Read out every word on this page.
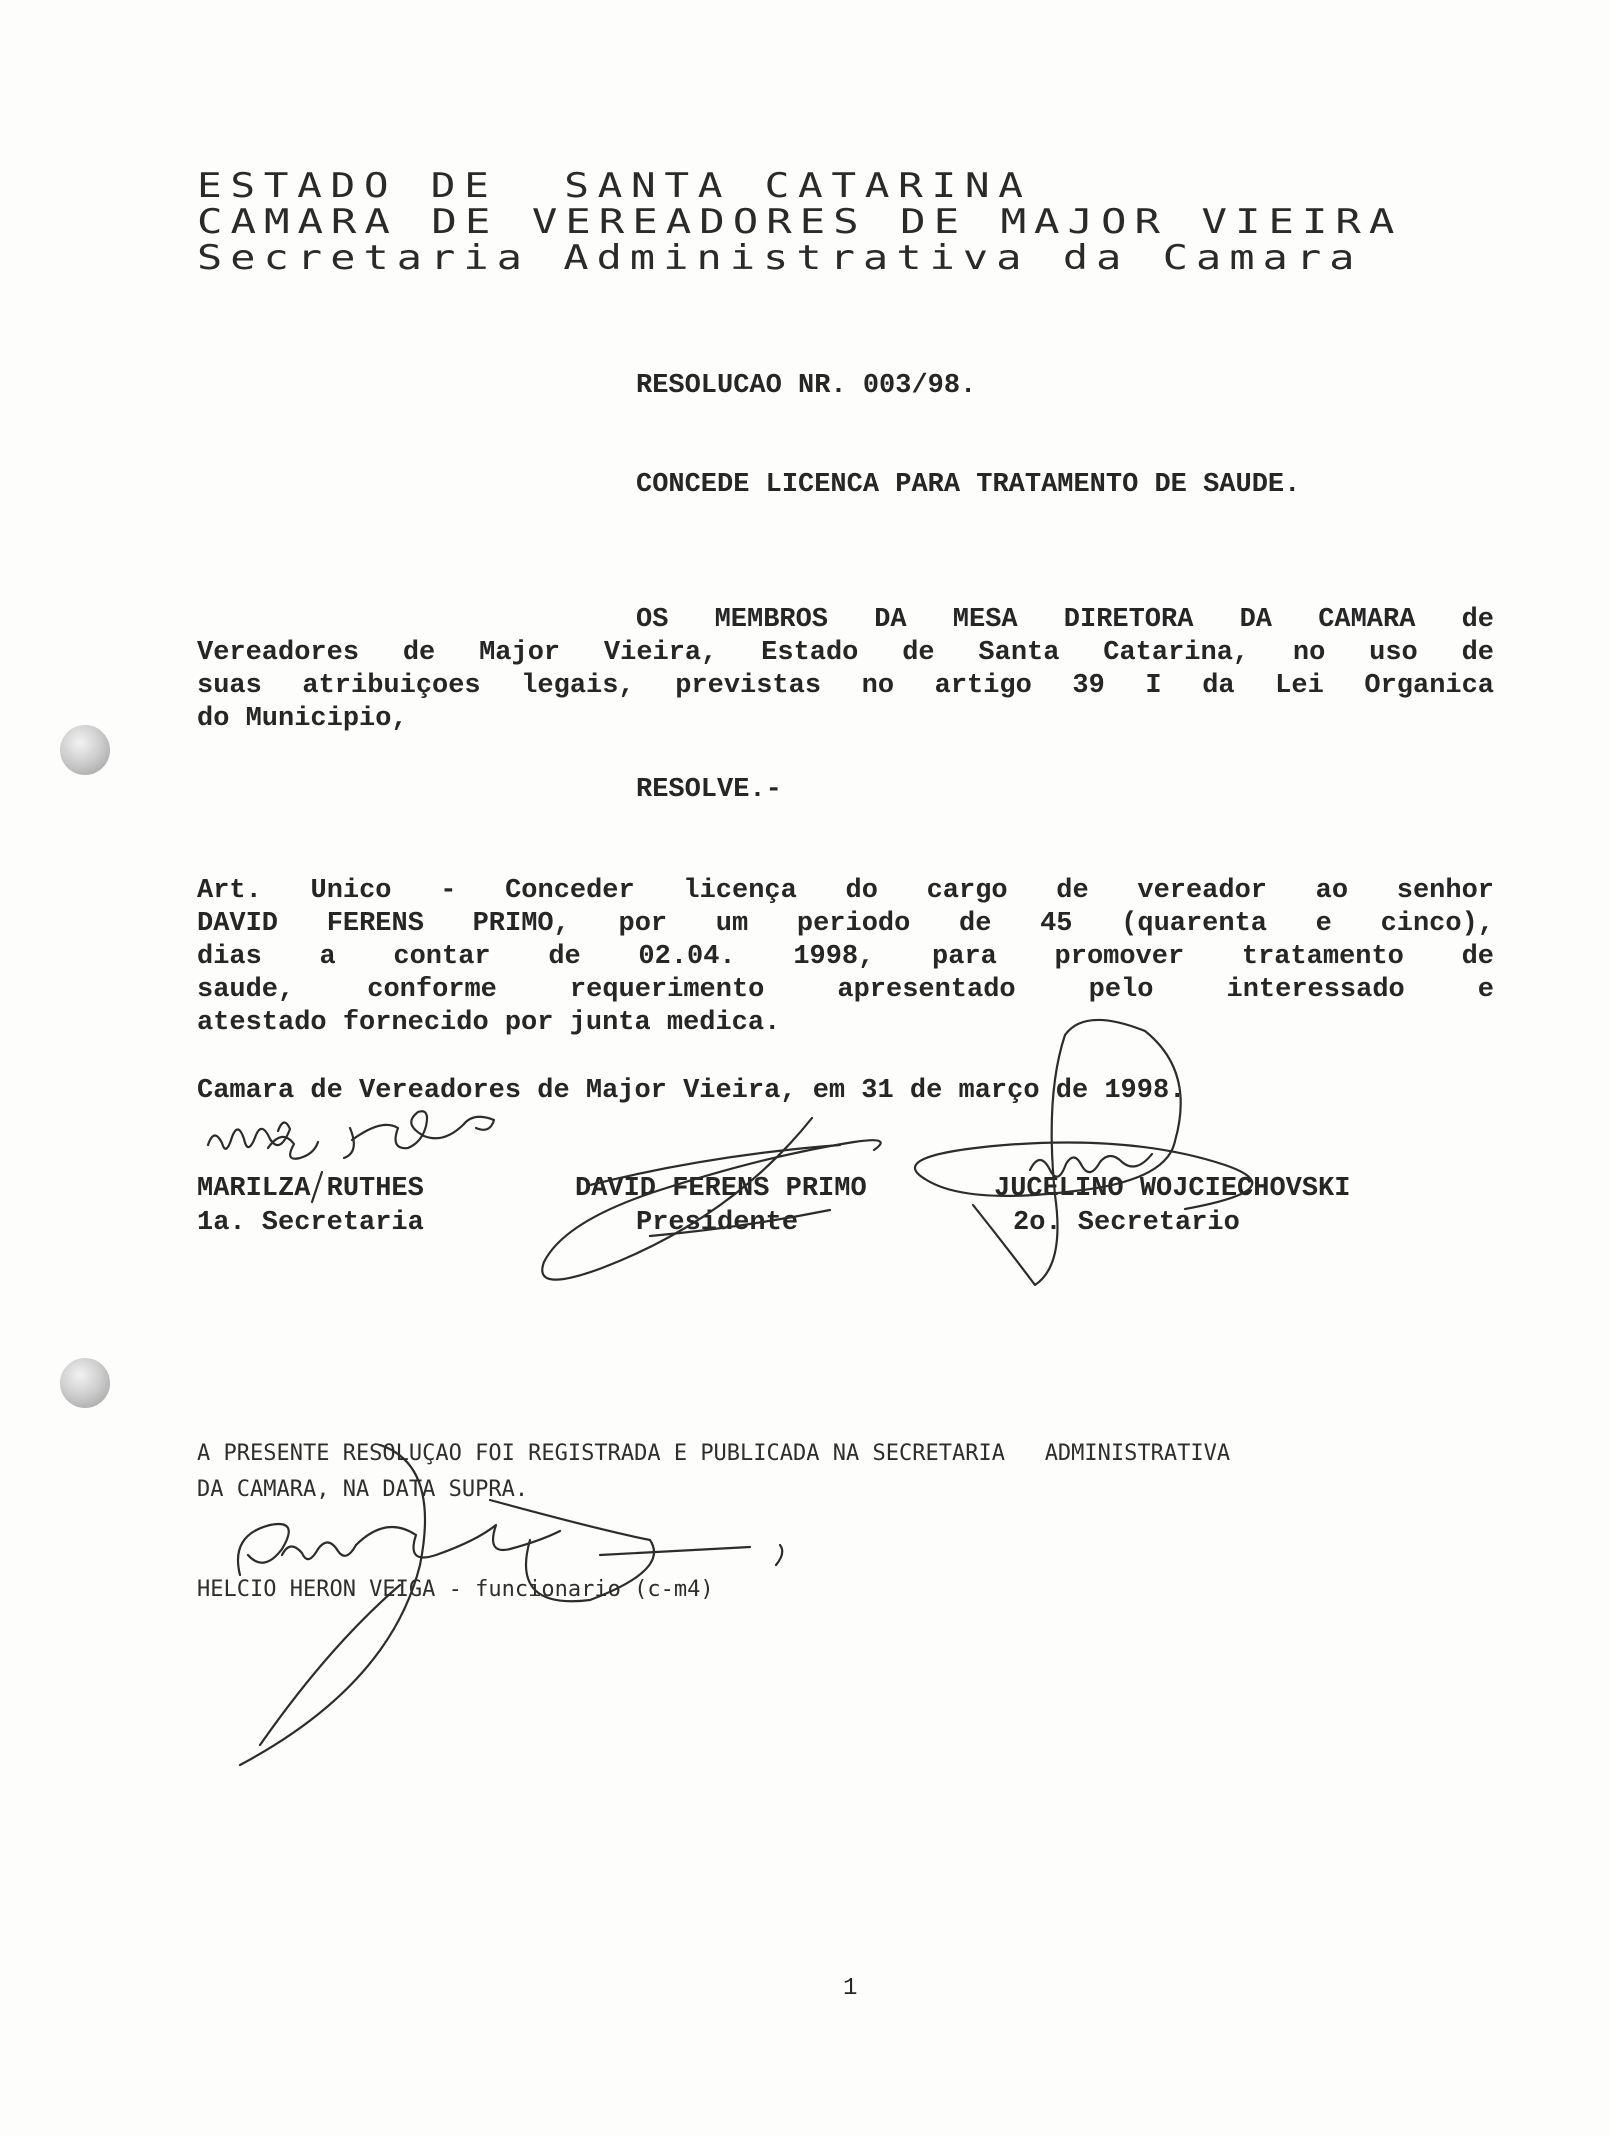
ESTADO DE  SANTA CATARINA
CAMARA DE VEREADORES DE MAJOR VIEIRA
Secretaria Administrativa da Camara
RESOLUCAO NR. 003/98.
CONCEDE LICENCA PARA TRATAMENTO DE SAUDE.
OS MEMBROS DA MESA DIRETORA DA CAMARA de
Vereadores de Major Vieira, Estado de Santa Catarina, no uso de
suas atribuiçoes legais, previstas no artigo 39 I da Lei Organica
do Municipio,
RESOLVE.-
Art. Unico - Conceder licença do cargo de vereador ao senhor
DAVID FERENS PRIMO, por um periodo de 45 (quarenta e cinco),
dias a contar de 02.04. 1998, para promover tratamento de
saude, conforme requerimento apresentado pelo interessado e
atestado fornecido por junta medica.
Camara de Vereadores de Major Vieira, em 31 de março de 1998.
MARILZA RUTHES
1a. Secretaria
DAVID FERENS PRIMO
Presidente
JUCELINO WOJCIECHOVSKI
2o. Secretario
A PRESENTE RESOLUÇAO FOI REGISTRADA E PUBLICADA NA SECRETARIA   ADMINISTRATIVA
DA CAMARA, NA DATA SUPRA.
HELCIO HERON VEIGA - funcionario (c-m4)
1
